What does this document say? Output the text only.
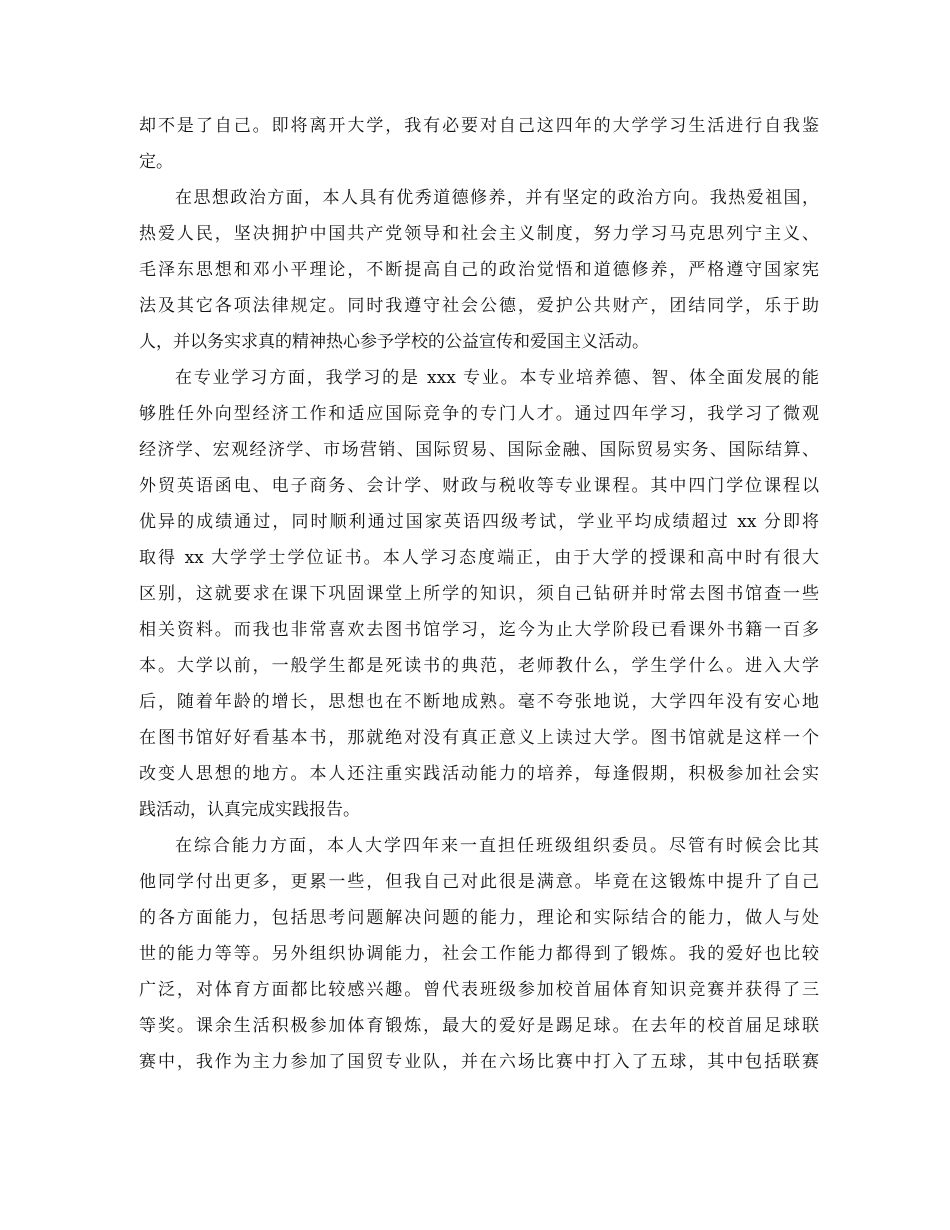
却不是了自己。即将离开大学，我有必要对自己这四年的大学学习生活进行自我鉴
定。
在思想政治方面，本人具有优秀道德修养，并有坚定的政治方向。我热爱祖国，
热爱人民，坚决拥护中国共产党领导和社会主义制度，努力学习马克思列宁主义、
毛泽东思想和邓小平理论，不断提高自己的政治觉悟和道德修养，严格遵守国家宪
法及其它各项法律规定。同时我遵守社会公德，爱护公共财产，团结同学，乐于助
人，并以务实求真的精神热心参予学校的公益宣传和爱国主义活动。
在专业学习方面，我学习的是 xxx 专业。本专业培养德、智、体全面发展的能
够胜任外向型经济工作和适应国际竞争的专门人才。通过四年学习，我学习了微观
经济学、宏观经济学、市场营销、国际贸易、国际金融、国际贸易实务、国际结算、
外贸英语函电、电子商务、会计学、财政与税收等专业课程。其中四门学位课程以
优异的成绩通过，同时顺利通过国家英语四级考试，学业平均成绩超过 xx 分即将
取得 xx 大学学士学位证书。本人学习态度端正，由于大学的授课和高中时有很大
区别，这就要求在课下巩固课堂上所学的知识，须自己钻研并时常去图书馆查一些
相关资料。而我也非常喜欢去图书馆学习，迄今为止大学阶段已看课外书籍一百多
本。大学以前，一般学生都是死读书的典范，老师教什么，学生学什么。进入大学
后，随着年龄的增长，思想也在不断地成熟。毫不夸张地说，大学四年没有安心地
在图书馆好好看基本书，那就绝对没有真正意义上读过大学。图书馆就是这样一个
改变人思想的地方。本人还注重实践活动能力的培养，每逢假期，积极参加社会实
践活动，认真完成实践报告。
在综合能力方面，本人大学四年来一直担任班级组织委员。尽管有时候会比其
他同学付出更多，更累一些，但我自己对此很是满意。毕竟在这锻炼中提升了自己
的各方面能力，包括思考问题解决问题的能力，理论和实际结合的能力，做人与处
世的能力等等。另外组织协调能力，社会工作能力都得到了锻炼。我的爱好也比较
广泛，对体育方面都比较感兴趣。曾代表班级参加校首届体育知识竞赛并获得了三
等奖。课余生活积极参加体育锻炼，最大的爱好是踢足球。在去年的校首届足球联
赛中，我作为主力参加了国贸专业队，并在六场比赛中打入了五球，其中包括联赛
